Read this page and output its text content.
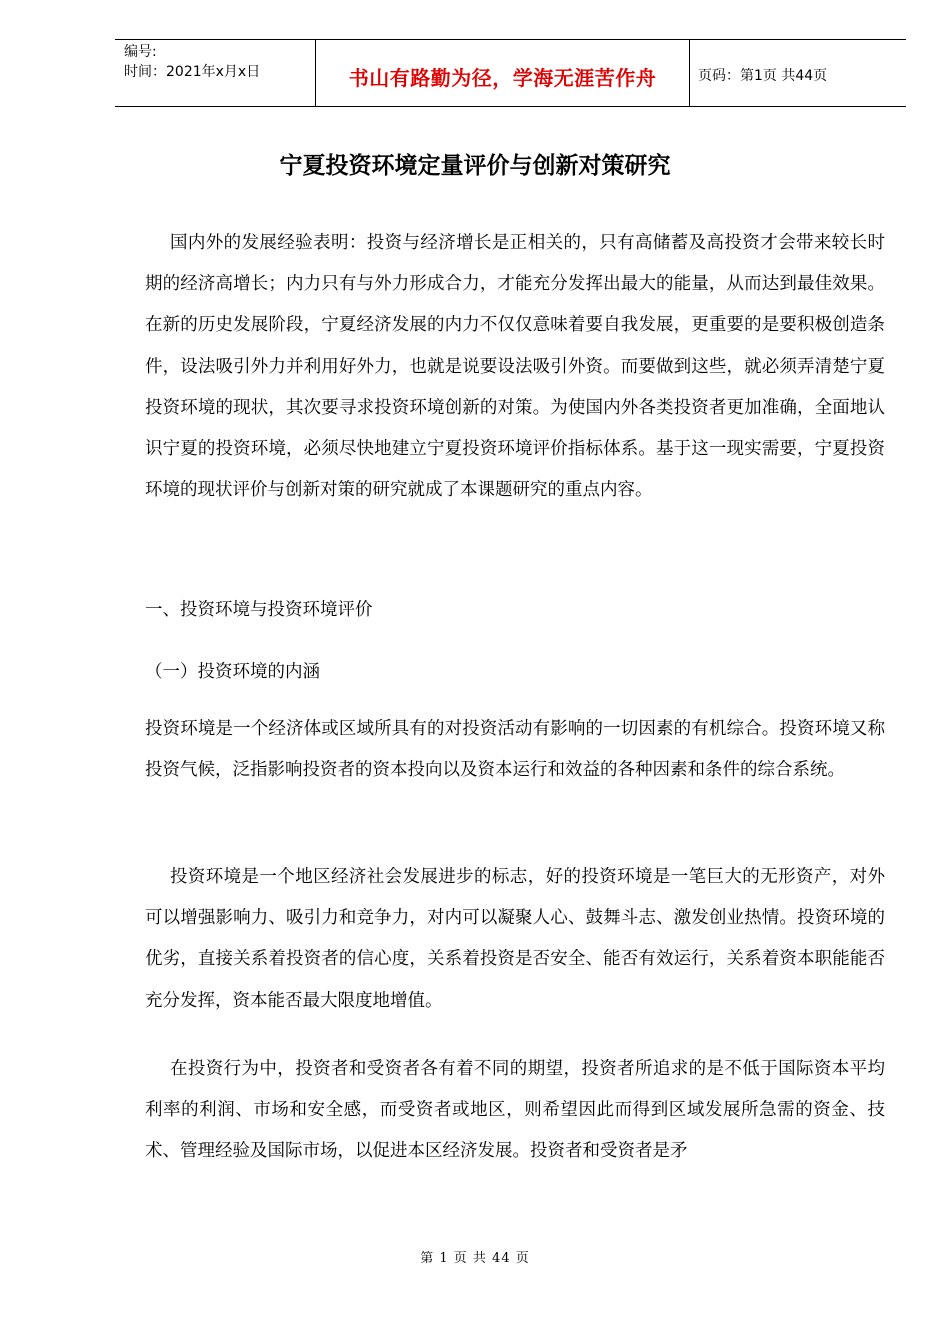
编号:
时间：2021年x月x日	书山有路勤为径，学海无涯苦作舟	页码：第1页 共44页
宁夏投资环境定量评价与创新对策研究

国内外的发展经验表明：投资与经济增长是正相关的，只有高储蓄及高投资才会带来较长时期的经济高增长；内力只有与外力形成合力，才能充分发挥出最大的能量，从而达到最佳效果。在新的历史发展阶段，宁夏经济发展的内力不仅仅意味着要自我发展，更重要的是要积极创造条件，设法吸引外力并利用好外力，也就是说要设法吸引外资。而要做到这些，就必须弄清楚宁夏投资环境的现状，其次要寻求投资环境创新的对策。为使国内外各类投资者更加准确，全面地认识宁夏的投资环境，必须尽快地建立宁夏投资环境评价指标体系。基于这一现实需要，宁夏投资环境的现状评价与创新对策的研究就成了本课题研究的重点内容。

一、投资环境与投资环境评价

（一）投资环境的内涵

投资环境是一个经济体或区域所具有的对投资活动有影响的一切因素的有机综合。投资环境又称投资气候，泛指影响投资者的资本投向以及资本运行和效益的各种因素和条件的综合系统。

投资环境是一个地区经济社会发展进步的标志，好的投资环境是一笔巨大的无形资产，对外可以增强影响力、吸引力和竞争力，对内可以凝聚人心、鼓舞斗志、激发创业热情。投资环境的优劣，直接关系着投资者的信心度，关系着投资是否安全、能否有效运行，关系着资本职能能否充分发挥，资本能否最大限度地增值。

在投资行为中，投资者和受资者各有着不同的期望，投资者所追求的是不低于国际资本平均利率的利润、市场和安全感，而受资者或地区，则希望因此而得到区域发展所急需的资金、技术、管理经验及国际市场，以促进本区经济发展。投资者和受资者是矛

第 1 页 共 44 页
